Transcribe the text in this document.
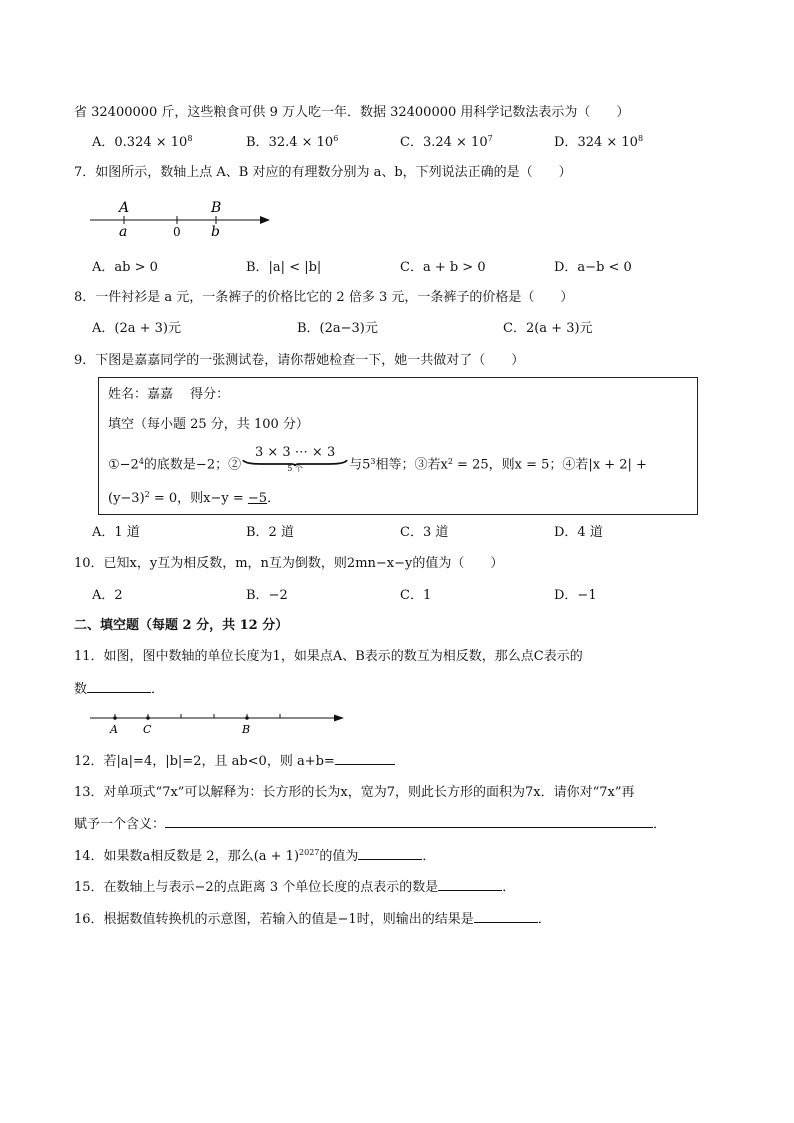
省 32400000 斤，这些粮食可供 9 万人吃一年．数据 32400000 用科学记数法表示为（　　）
A．$0.324 \times 10^8$	B．$32.4 \times 10^6$	C．$3.24 \times 10^7$	D．$324 \times 10^8$
7．如图所示，数轴上点 A、B 对应的有理数分别为 a、b，下列说法正确的是（　　）
A	B
a	0 b
A．ab > 0	B．|a| < |b|	C．a + b > 0	D．a−b < 0
8．一件衬衫是 a 元，一条裤子的价格比它的 2 倍多 3 元，一条裤子的价格是（　　）
A．(2a + 3)元	B．(2a−3)元	C．2(a + 3)元
9．下图是嘉嘉同学的一张测试卷，请你帮她检查一下，她一共做对了（　　）
姓名：嘉嘉　 得分：
填空（每小题 25 分，共 100 分）
$①-2^4$的底数是−2；②
3 × 3 ⋯ × 3
5 个	与$5^3$相等；③若$x^2 = 25$，则x = 5；④若|x + 2| +
$(y-3)^2 = 0$，则x−y = −5．
A．1 道	B．2 道	C．3 道	D．4 道
10．已知x，y互为相反数，m，n互为倒数，则2mn−x−y的值为（　　）
A．2	B．−2	C．1	D．−1
二、填空题（每题 2 分，共 12 分）
11．如图，图中数轴的单位长度为1，如果点A、B表示的数互为相反数，那么点C表示的
数	．
A C	B
12．若|a|=4，|b|=2，且 ab<0，则 a+b=
13．对单项式“7x”可以解释为：长方形的长为x，宽为7，则此长方形的面积为7x．请你对“7x”再
赋予一个含义：	．
14．如果数a相反数是 2，那么$(a + 1)^{2027}$的值为	．
15．在数轴上与表示−2的点距离 3 个单位长度的点表示的数是	．
16．根据数值转换机的示意图，若输入的值是−1时，则输出的结果是	．
